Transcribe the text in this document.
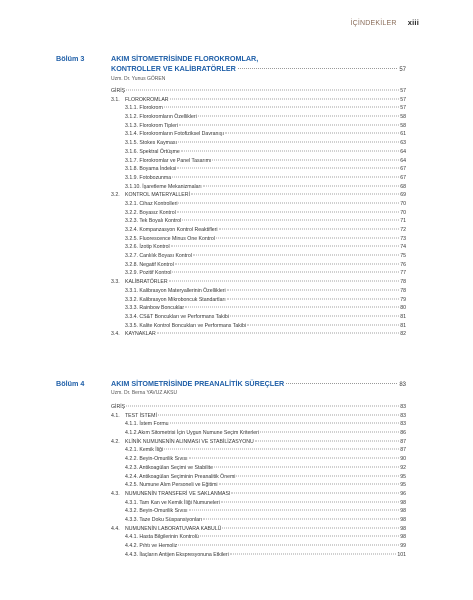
İÇİNDEKİLER xiii
Bölüm 3	AKIM SİTOMETRİSİNDE FLOROKROMLAR,
KONTROLLER VE KALİBRATÖRLER	57
Uzm. Dr. Yunus GÖREN
GİRİŞ	57
3.1.	FLOROKROMLAR	57
3.1.1. Florokrom	57
3.1.2. Florokromların Özellikleri	58
3.1.3. Florokrom Tipleri	58
3.1.4. Florokromların Fotofiziksel Davranışı	61
3.1.5. Stokes Kayması	63
3.1.6. Spektral Örtüşme	64
3.1.7. Florokromlar ve Panel Tasarımı	64
3.1.8. Boyama İndeksi	67
3.1.9. Fotobozunma	67
3.1.10. İşaretleme Mekanizmaları	68
3.2.	KONTROL MATERYALLERİ	69
3.2.1. Cihaz Kontrolleri	70
3.2.2. Boyasız Kontrol	70
3.2.3. Tek Boyalı Kontrol	71
3.2.4. Kompanzasyon Kontrol Reaktifleri	72
3.2.5. Fluorescence Minus One Kontrol	73
3.2.6. İzotip Kontrol	74
3.2.7. Canlılık Boyası Kontrol	75
3.2.8. Negatif Kontrol	76
3.2.9. Pozitif Kontrol	77
3.3.	KALİBRATÖRLER	78
3.3.1. Kalibrasyon Materyallerinin Özellikleri	78
3.3.2. Kalibrasyon Mikroboncuk Standartları	79
3.3.3. Rainbow Boncuklar	80
3.3.4. CS&T Boncukları ve Performans Takibi	81
3.3.5. Kalite Kontrol Boncukları ve Performans Takibi	81
3.4.	KAYNAKLAR	82
Bölüm 4	AKIM SİTOMETRİSİNDE PREANALİTİK SÜREÇLER	83
Uzm. Dr. Berna YAVUZ AKSU
GİRİŞ	83
4.1.	TEST İSTEMİ	83
4.1.1. İstem Formu	83
4.1.2.Akım Sitometrisi İçin Uygun Numune Seçim Kriterleri	86
4.2.	KLİNİK NUMUNENİN ALINMASI VE STABİLİZASYONU	87
4.2.1. Kemik İliği	87
4.2.2. Beyin-Omurilik Sıvısı	90
4.2.3. Antikoagülan Seçimi ve Stabilite	92
4.2.4. Antikoagülan Seçiminin Preanalitik Önemi	95
4.2.5. Numune Alım Personeli ve Eğitimi	95
4.3.	NUMUNENİN TRANSFERİ VE SAKLANMASI	96
4.3.1. Tam Kan ve Kemik İliği Numuneleri	98
4.3.2. Beyin-Omurilik Sıvısı	98
4.3.3. Taze Doku Süspansiyonları	98
4.4.	NUMUNENİN LABORATUVARA KABULÜ	98
4.4.1. Hasta Bilgilerinin Kontrolü	98
4.4.2. Pıhtı ve Hemoliz	99
4.4.3. İlaçların Antijen Ekspresyonuna Etkileri	101
